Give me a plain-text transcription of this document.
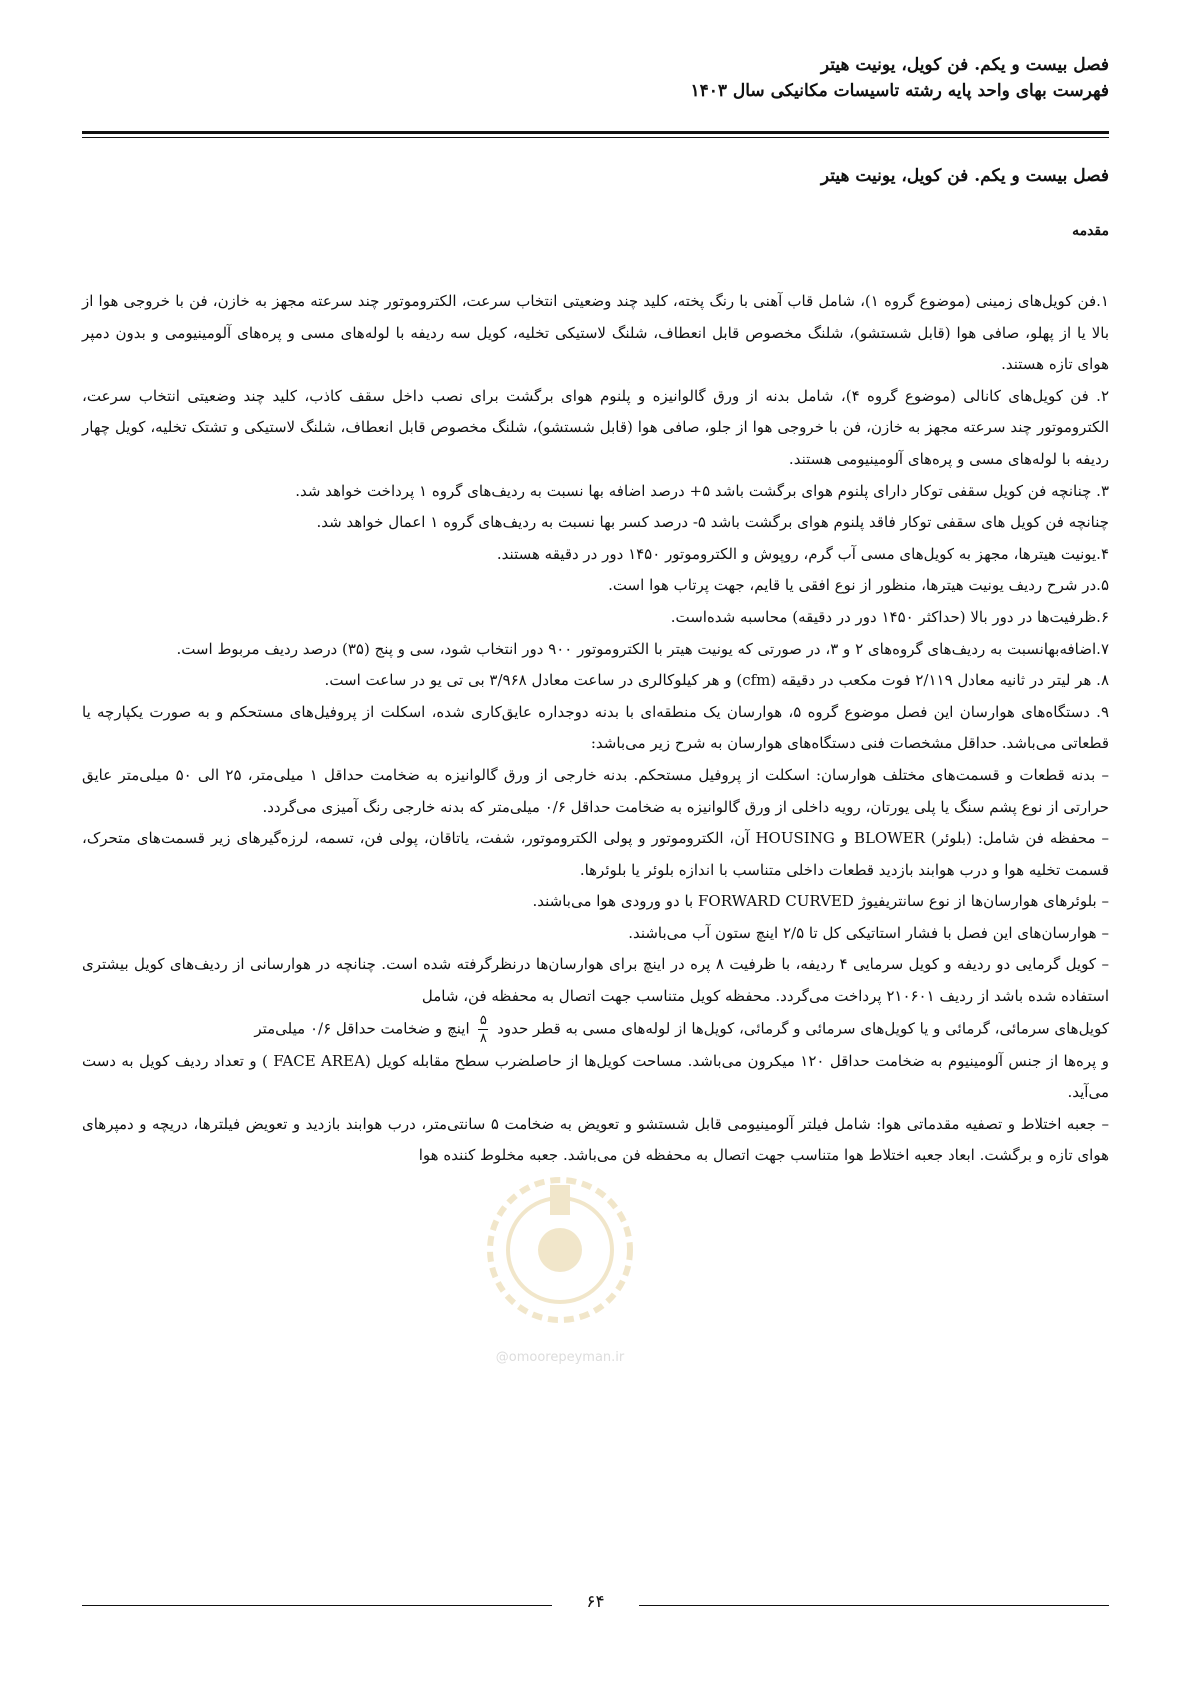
فصل بیست و یکم. فن کویل، یونیت هیتر
فهرست بهای واحد پایه رشته تاسیسات مکانیکی سال ۱۴۰۳
فصل بیست و یکم. فن کویل، یونیت هیتر
مقدمه

۱.فن کویل‌های زمینی (موضوع گروه ۱)، شامل قاب آهنی با رنگ پخته، کلید چند وضعیتی انتخاب سرعت، الکتروموتور چند سرعته مجهز به خازن، فن با خروجی هوا از بالا یا از پهلو، صافی هوا (قابل شستشو)، شلنگ مخصوص قابل انعطاف، شلنگ لاستیکی تخلیه، کویل سه ردیفه با لوله‌های مسی و پره‌های آلومینیومی و بدون دمپر هوای تازه هستند.

۲. فن کویل‌های کانالی (موضوع گروه ۴)، شامل بدنه از ورق گالوانیزه و پلنوم هوای برگشت برای نصب داخل سقف کاذب، کلید چند وضعیتی انتخاب سرعت، الکتروموتور چند سرعته مجهز به خازن، فن با خروجی هوا از جلو، صافی هوا (قابل شستشو)، شلنگ مخصوص قابل انعطاف، شلنگ لاستیکی و تشتک تخلیه، کویل چهار ردیفه با لوله‌های مسی و پره‌های آلومینیومی هستند.

۳. چنانچه فن کویل سقفی توکار دارای پلنوم هوای برگشت باشد ۵+ درصد اضافه بها نسبت به ردیف‌های گروه ۱ پرداخت خواهد شد.

چنانچه فن کویل های سقفی توکار فاقد پلنوم هوای برگشت باشد ۵- درصد کسر بها نسبت به ردیف‌های گروه ۱ اعمال خواهد شد.

۴.یونیت هیترها، مجهز به کویل‌های مسی آب گرم، روپوش و الکتروموتور ۱۴۵۰ دور در دقیقه هستند.

۵.در شرح ردیف یونیت هیترها، منظور از نوع افقی یا قایم، جهت پرتاب هوا است.

۶.ظرفیت‌ها در دور بالا (حداکثر ۱۴۵۰ دور در دقیقه) محاسبه شده‌است.

۷.اضافه‌بهانسبت به ردیف‌های گروه‌های ۲ و ۳، در صورتی که یونیت هیتر با الکتروموتور ۹۰۰ دور انتخاب شود، سی و پنج (۳۵) درصد ردیف مربوط است.

۸. هر لیتر در ثانیه معادل ۲/۱۱۹ فوت مکعب در دقیقه (cfm) و هر کیلوکالری در ساعت معادل ۳/۹۶۸ بی تی یو در ساعت است.

۹. دستگاه‌های هوارسان این فصل موضوع گروه ۵، هوارسان یک منطقه‌ای با بدنه دوجداره عایق‌کاری شده، اسکلت از پروفیل‌های مستحکم و به صورت یکپارچه یا قطعاتی می‌باشد. حداقل مشخصات فنی دستگاه‌های هوارسان به شرح زیر می‌باشد:

– بدنه قطعات و قسمت‌های مختلف هوارسان: اسکلت از پروفیل مستحکم. بدنه خارجی از ورق گالوانیزه به ضخامت حداقل ۱ میلی‌متر، ۲۵ الی ۵۰ میلی‌متر عایق حرارتی از نوع پشم سنگ یا پلی یورتان، رویه داخلی از ورق گالوانیزه به ضخامت حداقل ۰/۶ میلی‌متر که بدنه خارجی رنگ آمیزی می‌گردد.

– محفظه فن شامل: (بلوئر) BLOWER و HOUSING آن، الکتروموتور و پولی الکتروموتور، شفت، یاتاقان، پولی فن، تسمه، لرزه‌گیرهای زیر قسمت‌های متحرک، قسمت تخلیه هوا و درب هوابند بازدید قطعات داخلی متناسب با اندازه بلوئر یا بلوئرها.

– بلوئرهای هوارسان‌ها از نوع سانتریفیوژ FORWARD CURVED با دو ورودی هوا می‌باشند.

– هوارسان‌های این فصل با فشار استاتیکی کل تا ۲/۵ اینچ ستون آب می‌باشند.

– کویل گرمایی دو ردیفه و کویل سرمایی ۴ ردیفه، با ظرفیت ۸ پره در اینچ برای هوارسان‌ها درنظرگرفته شده است. چنانچه در هوارسانی از ردیف‌های کویل بیشتری استفاده شده باشد از ردیف ۲۱۰۶۰۱ پرداخت می‌گردد. محفظه کویل متناسب جهت اتصال به محفظه فن، شامل

کویل‌های سرمائی، گرمائی و یا کویل‌های سرمائی و گرمائی، کویل‌ها از لوله‌های مسی به قطر حدود
$\frac{۵}{۸}$
اینچ و ضخامت حداقل ۰/۶ میلی‌متر

و پره‌ها از جنس آلومینیوم به ضخامت حداقل ۱۲۰ میکرون می‌باشد. مساحت کویل‌ها از حاصلضرب سطح مقابله کویل (FACE AREA ) و تعداد ردیف کویل به دست می‌آید.

– جعبه اختلاط و تصفیه مقدماتی هوا: شامل فیلتر آلومینیومی قابل شستشو و تعویض به ضخامت ۵ سانتی‌متر، درب هوابند بازدید و تعویض فیلترها، دریچه و دمپرهای هوای تازه و برگشت. ابعاد جعبه اختلاط هوا متناسب جهت اتصال به محفظه فن می‌باشد. جعبه مخلوط کننده هوا

@omoorepeyman.ir
۶۴
